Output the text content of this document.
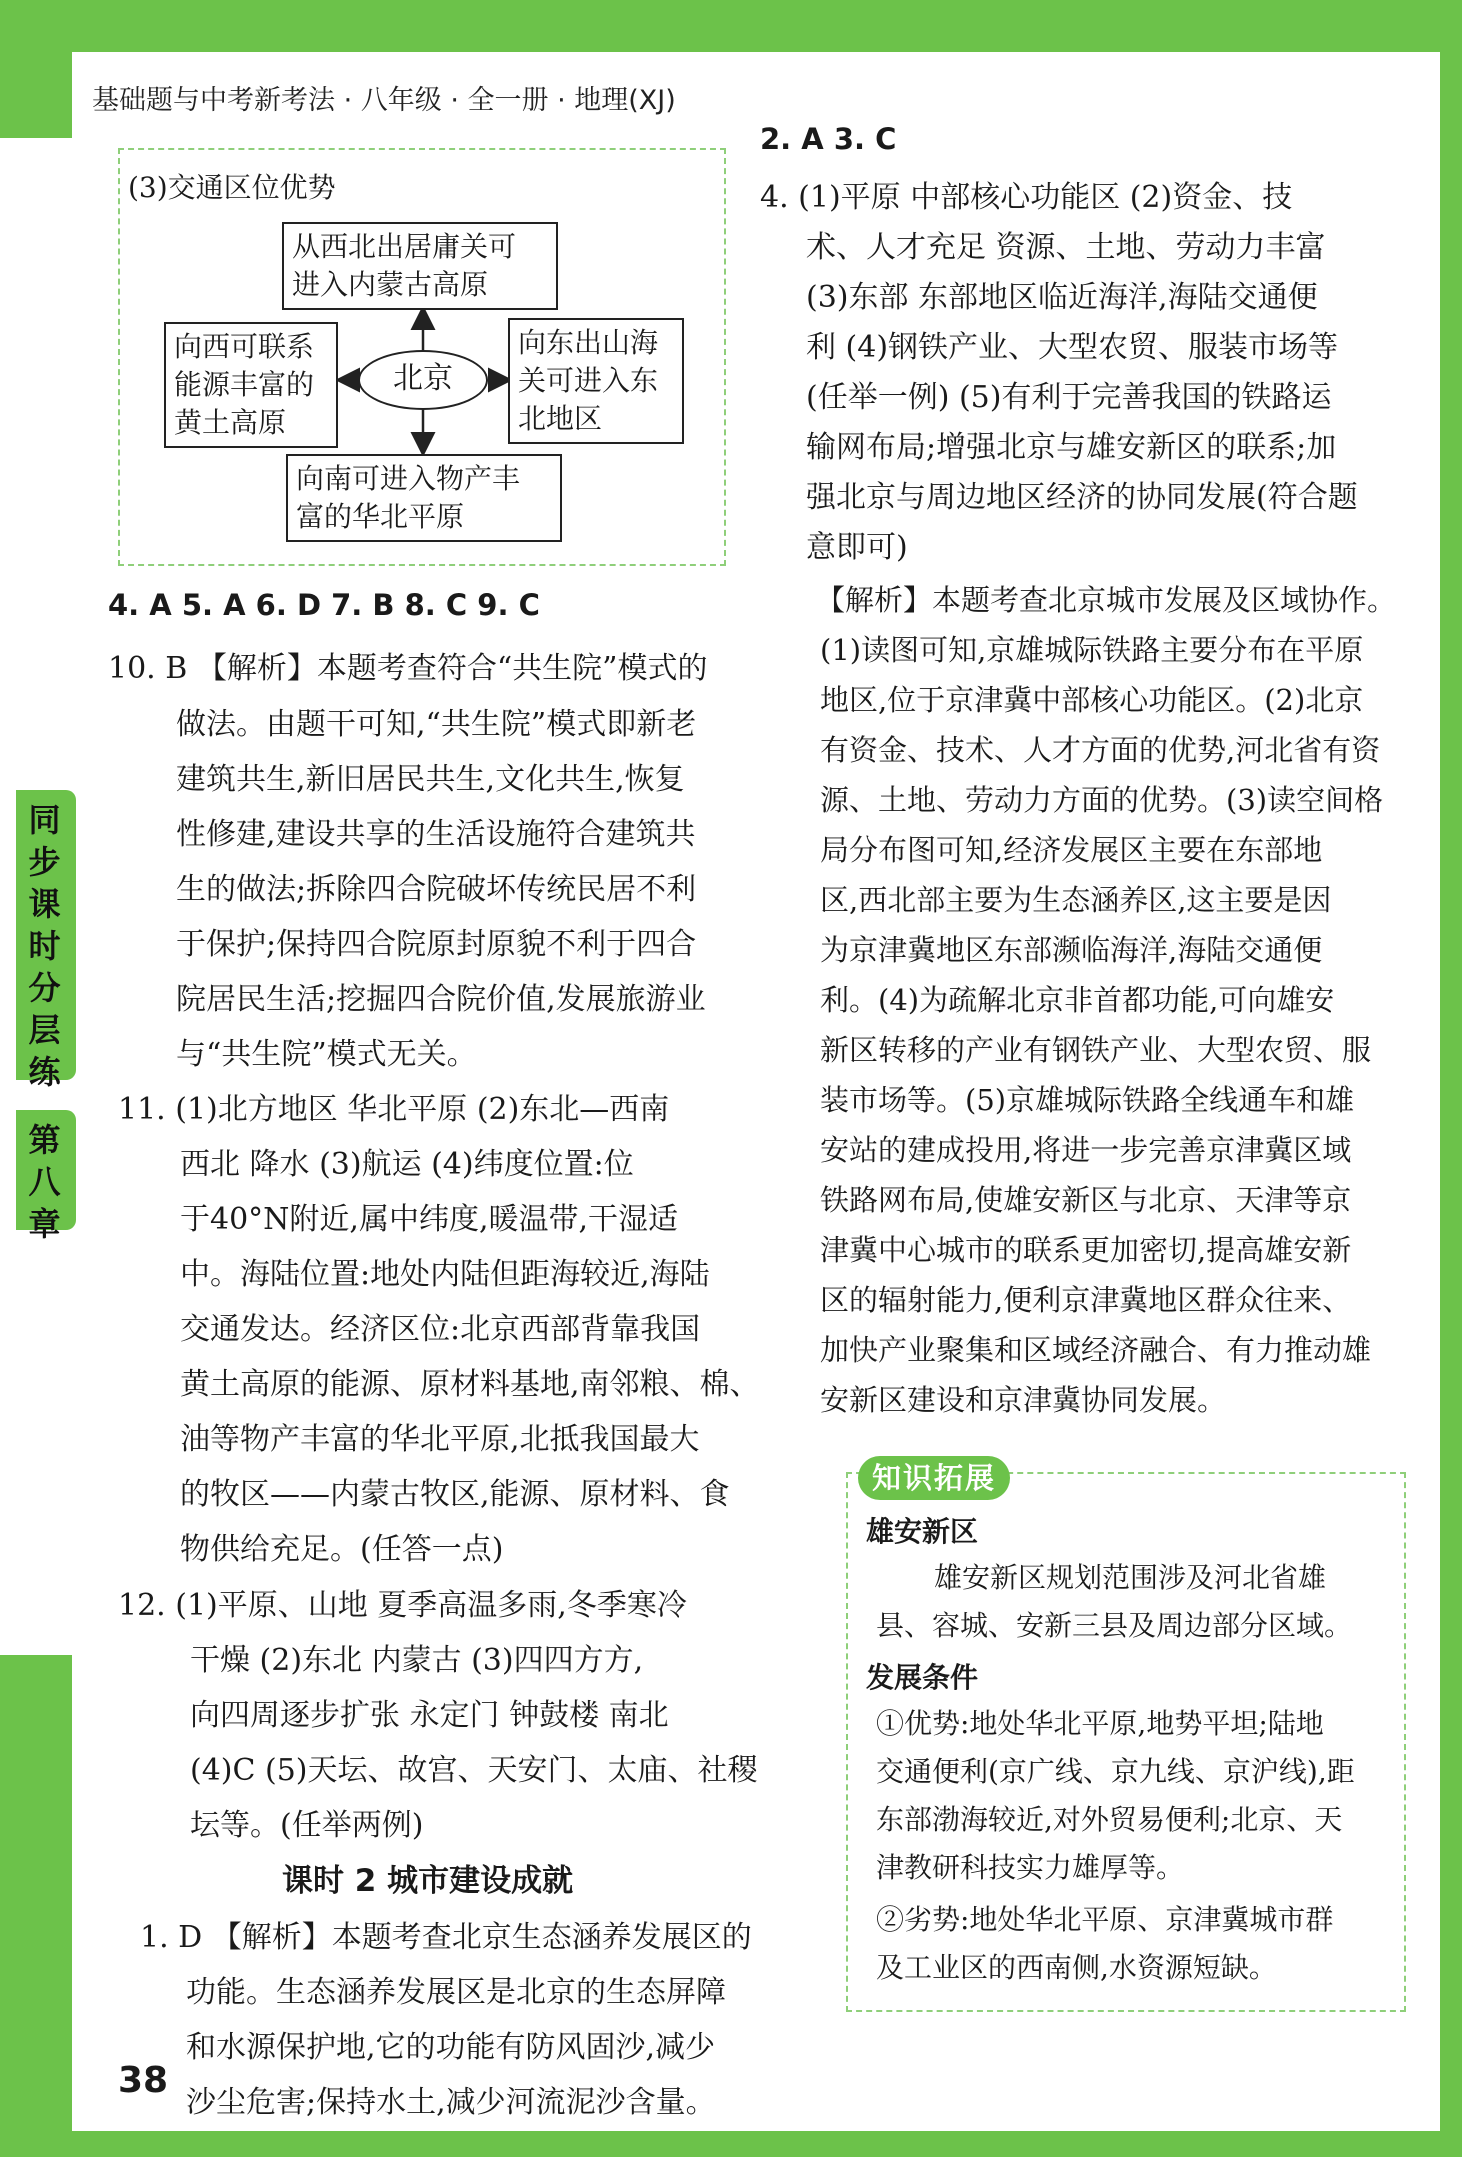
基础题与中考新考法 · 八年级 · 全一册 · 地理(XJ)
同
步
课
时
分
层
练
第
八
章
(3)交通区位优势
从西北出居庸关可
进入内蒙古高原
向西可联系
能源丰富的
黄土高原
北京
向东出山海
关可进入东
北地区
向南可进入物产丰
富的华北平原
4. A 5. A 6. D 7. B 8. C 9. C
10. B 【解析】本题考查符合“共生院”模式的
做法。由题干可知,“共生院”模式即新老
建筑共生,新旧居民共生,文化共生,恢复
性修建,建设共享的生活设施符合建筑共
生的做法;拆除四合院破坏传统民居不利
于保护;保持四合院原封原貌不利于四合
院居民生活;挖掘四合院价值,发展旅游业
与“共生院”模式无关。
11. (1)北方地区 华北平原 (2)东北—西南
西北 降水 (3)航运 (4)纬度位置:位
于40°N附近,属中纬度,暖温带,干湿适
中。海陆位置:地处内陆但距海较近,海陆
交通发达。经济区位:北京西部背靠我国
黄土高原的能源、原材料基地,南邻粮、棉、
油等物产丰富的华北平原,北抵我国最大
的牧区——内蒙古牧区,能源、原材料、食
物供给充足。(任答一点)
12. (1)平原、山地 夏季高温多雨,冬季寒冷
干燥 (2)东北 内蒙古 (3)四四方方,
向四周逐步扩张 永定门 钟鼓楼 南北
(4)C (5)天坛、故宫、天安门、太庙、社稷
坛等。(任举两例)
课时 2 城市建设成就
1. D 【解析】本题考查北京生态涵养发展区的
功能。生态涵养发展区是北京的生态屏障
和水源保护地,它的功能有防风固沙,减少
沙尘危害;保持水土,减少河流泥沙含量。
2. A 3. C
4. (1)平原 中部核心功能区 (2)资金、技
术、人才充足 资源、土地、劳动力丰富
(3)东部 东部地区临近海洋,海陆交通便
利 (4)钢铁产业、大型农贸、服装市场等
(任举一例) (5)有利于完善我国的铁路运
输网布局;增强北京与雄安新区的联系;加
强北京与周边地区经济的协同发展(符合题
意即可)
【解析】本题考查北京城市发展及区域协作。
(1)读图可知,京雄城际铁路主要分布在平原
地区,位于京津冀中部核心功能区。(2)北京
有资金、技术、人才方面的优势,河北省有资
源、土地、劳动力方面的优势。(3)读空间格
局分布图可知,经济发展区主要在东部地
区,西北部主要为生态涵养区,这主要是因
为京津冀地区东部濒临海洋,海陆交通便
利。(4)为疏解北京非首都功能,可向雄安
新区转移的产业有钢铁产业、大型农贸、服
装市场等。(5)京雄城际铁路全线通车和雄
安站的建成投用,将进一步完善京津冀区域
铁路网布局,使雄安新区与北京、天津等京
津冀中心城市的联系更加密切,提高雄安新
区的辐射能力,便利京津冀地区群众往来、
加快产业聚集和区域经济融合、有力推动雄
安新区建设和京津冀协同发展。
知识拓展
雄安新区
雄安新区规划范围涉及河北省雄
县、容城、安新三县及周边部分区域。
发展条件
①优势:地处华北平原,地势平坦;陆地
交通便利(京广线、京九线、京沪线),距
东部渤海较近,对外贸易便利;北京、天
津教研科技实力雄厚等。
②劣势:地处华北平原、京津冀城市群
及工业区的西南侧,水资源短缺。
38
